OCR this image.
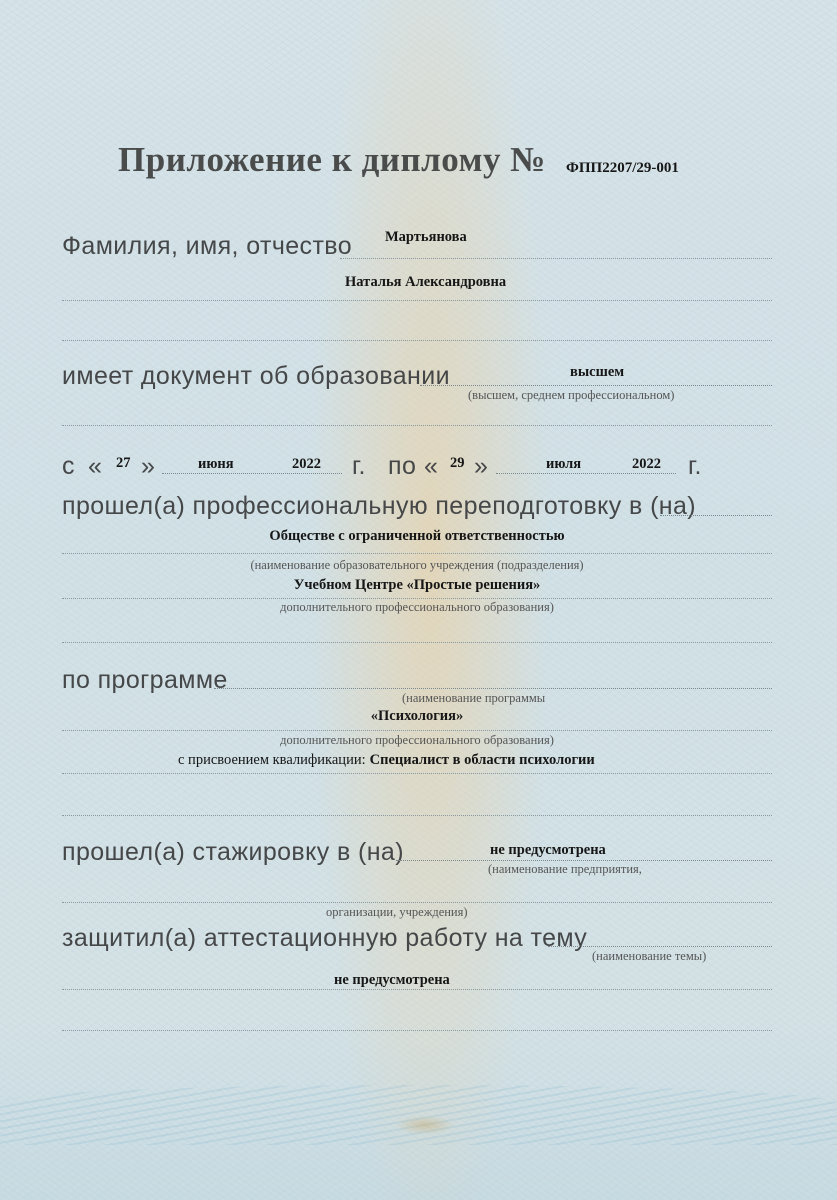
Приложение к диплому № ФПП2207/29-001
Фамилия, имя, отчество Мартьянова
Наталья Александровна
имеет документ об образовании	высшем
(высшем, среднем профессиональном)
с « 27 »	июня	2022 г. по « 29 »	июля	2022 г.
прошел(а) профессиональную переподготовку в (на)
Обществе с ограниченной ответственностью
(наименование образовательного учреждения (подразделения)
Учебном Центре «Простые решения»
дополнительного профессионального образования)
по программе
(наименование программы
«Психология»
дополнительного профессионального образования)
с присвоением квалификации: Специалист в области психологии
прошел(а) стажировку в (на)	не предусмотрена
(наименование предприятия,
организации, учреждения)
защитил(а) аттестационную работу на тему
(наименование темы)
не предусмотрена
